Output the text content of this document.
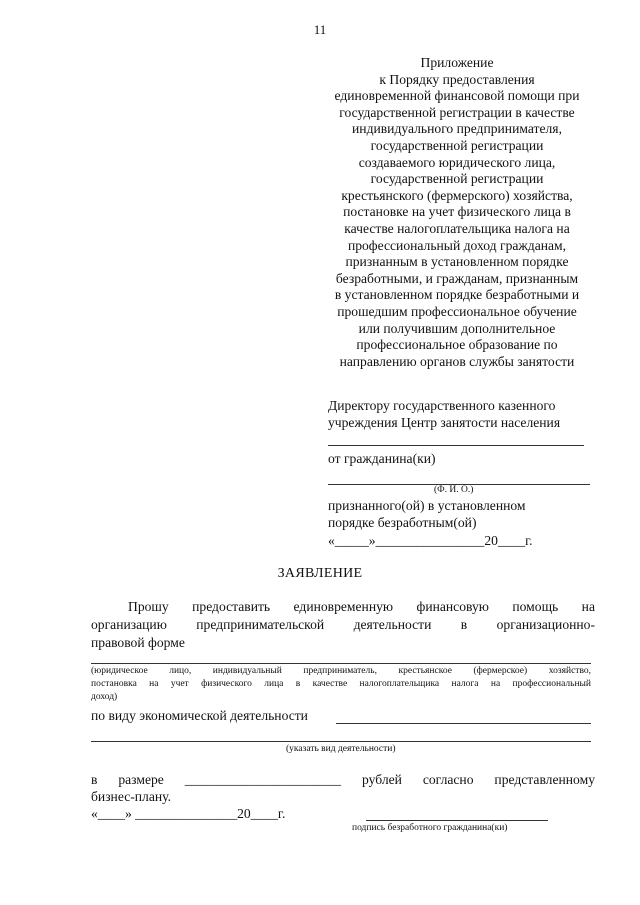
11
Приложение
к Порядку предоставления
единовременной финансовой помощи при
государственной регистрации в качестве
индивидуального предпринимателя,
государственной регистрации
создаваемого юридического лица,
государственной регистрации
крестьянского (фермерского) хозяйства,
постановке на учет физического лица в
качестве налогоплательщика налога на
профессиональный доход гражданам,
признанным в установленном порядке
безработными, и гражданам, признанным
в установленном порядке безработными и
прошедшим профессиональное обучение
или получившим дополнительное
профессиональное образование по
направлению органов службы занятости
Директору государственного казенного
учреждения Центр занятости населения
от гражданина(ки)
(Ф. И. О.)
признанного(ой) в установленном
порядке безработным(ой)
«_____»________________20____г.
ЗАЯВЛЕНИЕ
Прошу предоставить единовременную финансовую помощь на
организацию предпринимательской деятельности в организационно-
правовой форме
(юридическое лицо, индивидуальный предприниматель, крестьянское (фермерское) хозяйство,
постановка на учет физического лица в качестве налогоплательщика налога на профессиональный
доход)
по виду экономической деятельности
(указать вид деятельности)
в размере _______________________ рублей согласно представленному
бизнес-плану.
«____» _______________20____г.
подпись безработного гражданина(ки)
